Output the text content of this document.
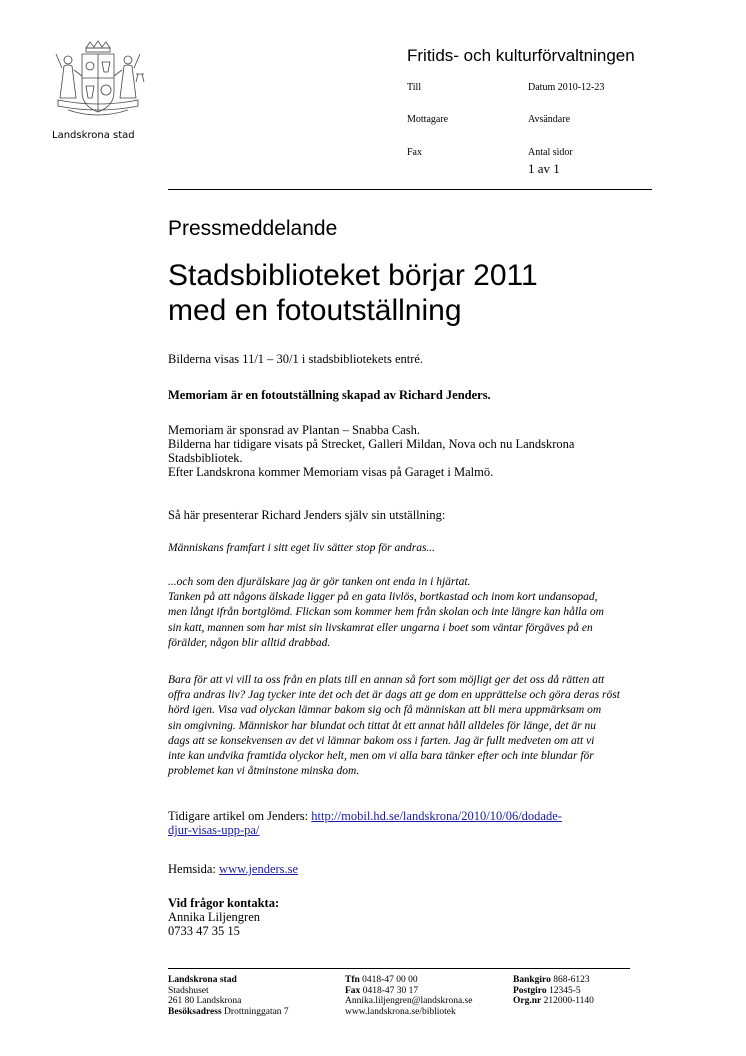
Landskrona stad
Fritids- och kulturförvaltningen
Till	Datum 2010-12-23
Mottagare	Avsändare
Fax	Antal sidor
1 av 1
Pressmeddelande
Stadsbiblioteket börjar 2011
med en fotoutställning
Bilderna visas 11/1 – 30/1 i stadsbibliotekets entré.
Memoriam är en fotoutställning skapad av Richard Jenders.
Memoriam är sponsrad av Plantan – Snabba Cash.
Bilderna har tidigare visats på Strecket, Galleri Mildan, Nova och nu Landskrona
Stadsbibliotek.
Efter Landskrona kommer Memoriam visas på Garaget i Malmö.
Så här presenterar Richard Jenders själv sin utställning:
Människans framfart i sitt eget liv sätter stop för andras...
...och som den djurälskare jag är gör tanken ont enda in i hjärtat.
Tanken på att någons älskade ligger på en gata livlös, bortkastad och inom kort undansopad,
men långt ifrån bortglömd. Flickan som kommer hem från skolan och inte längre kan hålla om
sin katt, mannen som har mist sin livskamrat eller ungarna i boet som väntar förgäves på en
förälder, någon blir alltid drabbad.
Bara för att vi vill ta oss från en plats till en annan så fort som möjligt ger det oss då rätten att
offra andras liv? Jag tycker inte det och det är dags att ge dom en upprättelse och göra deras röst
hörd igen. Visa vad olyckan lämnar bakom sig och få människan att bli mera uppmärksam om
sin omgivning. Människor har blundat och tittat åt ett annat håll alldeles för länge, det är nu
dags att se konsekvensen av det vi lämnar bakom oss i farten. Jag är fullt medveten om att vi
inte kan undvika framtida olyckor helt, men om vi alla bara tänker efter och inte blundar för
problemet kan vi åtminstone minska dom.
Tidigare artikel om Jenders: http://mobil.hd.se/landskrona/2010/10/06/dodade-
djur-visas-upp-pa/
Hemsida: www.jenders.se
Vid frågor kontakta:
Annika Liljengren
0733 47 35 15
Landskrona stad
Stadshuset
261 80 Landskrona
Besöksadress Drottninggatan 7
Tfn 0418-47 00 00
Fax 0418-47 30 17
Annika.liljengren@landskrona.se
www.landskrona.se/bibliotek
Bankgiro 868-6123
Postgiro 12345-5
Org.nr 212000-1140
